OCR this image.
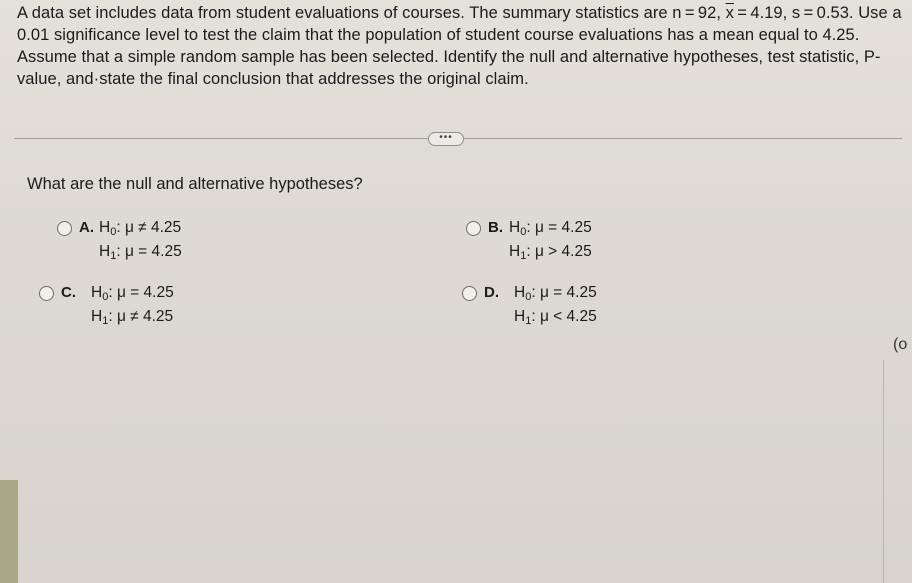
A data set includes data from student evaluations of courses. The summary statistics are n = 92, $\overline{x} = 4.19$, s = 0.53. Use a
0.01 significance level to test the claim that the population of student course evaluations has a mean equal to 4.25.
Assume that a simple random sample has been selected. Identify the null and alternative hypotheses, test statistic, P-
value, and·state the final conclusion that addresses the original claim.
•••
What are the null and alternative hypotheses?
A. $H_0$: μ ≠ 4.25
$H_1$: μ = 4.25
B. $H_0$: μ = 4.25
$H_1$: μ > 4.25
C. $H_0$: μ = 4.25
$H_1$: μ ≠ 4.25
D. $H_0$: μ = 4.25
$H_1$: μ < 4.25
(o
